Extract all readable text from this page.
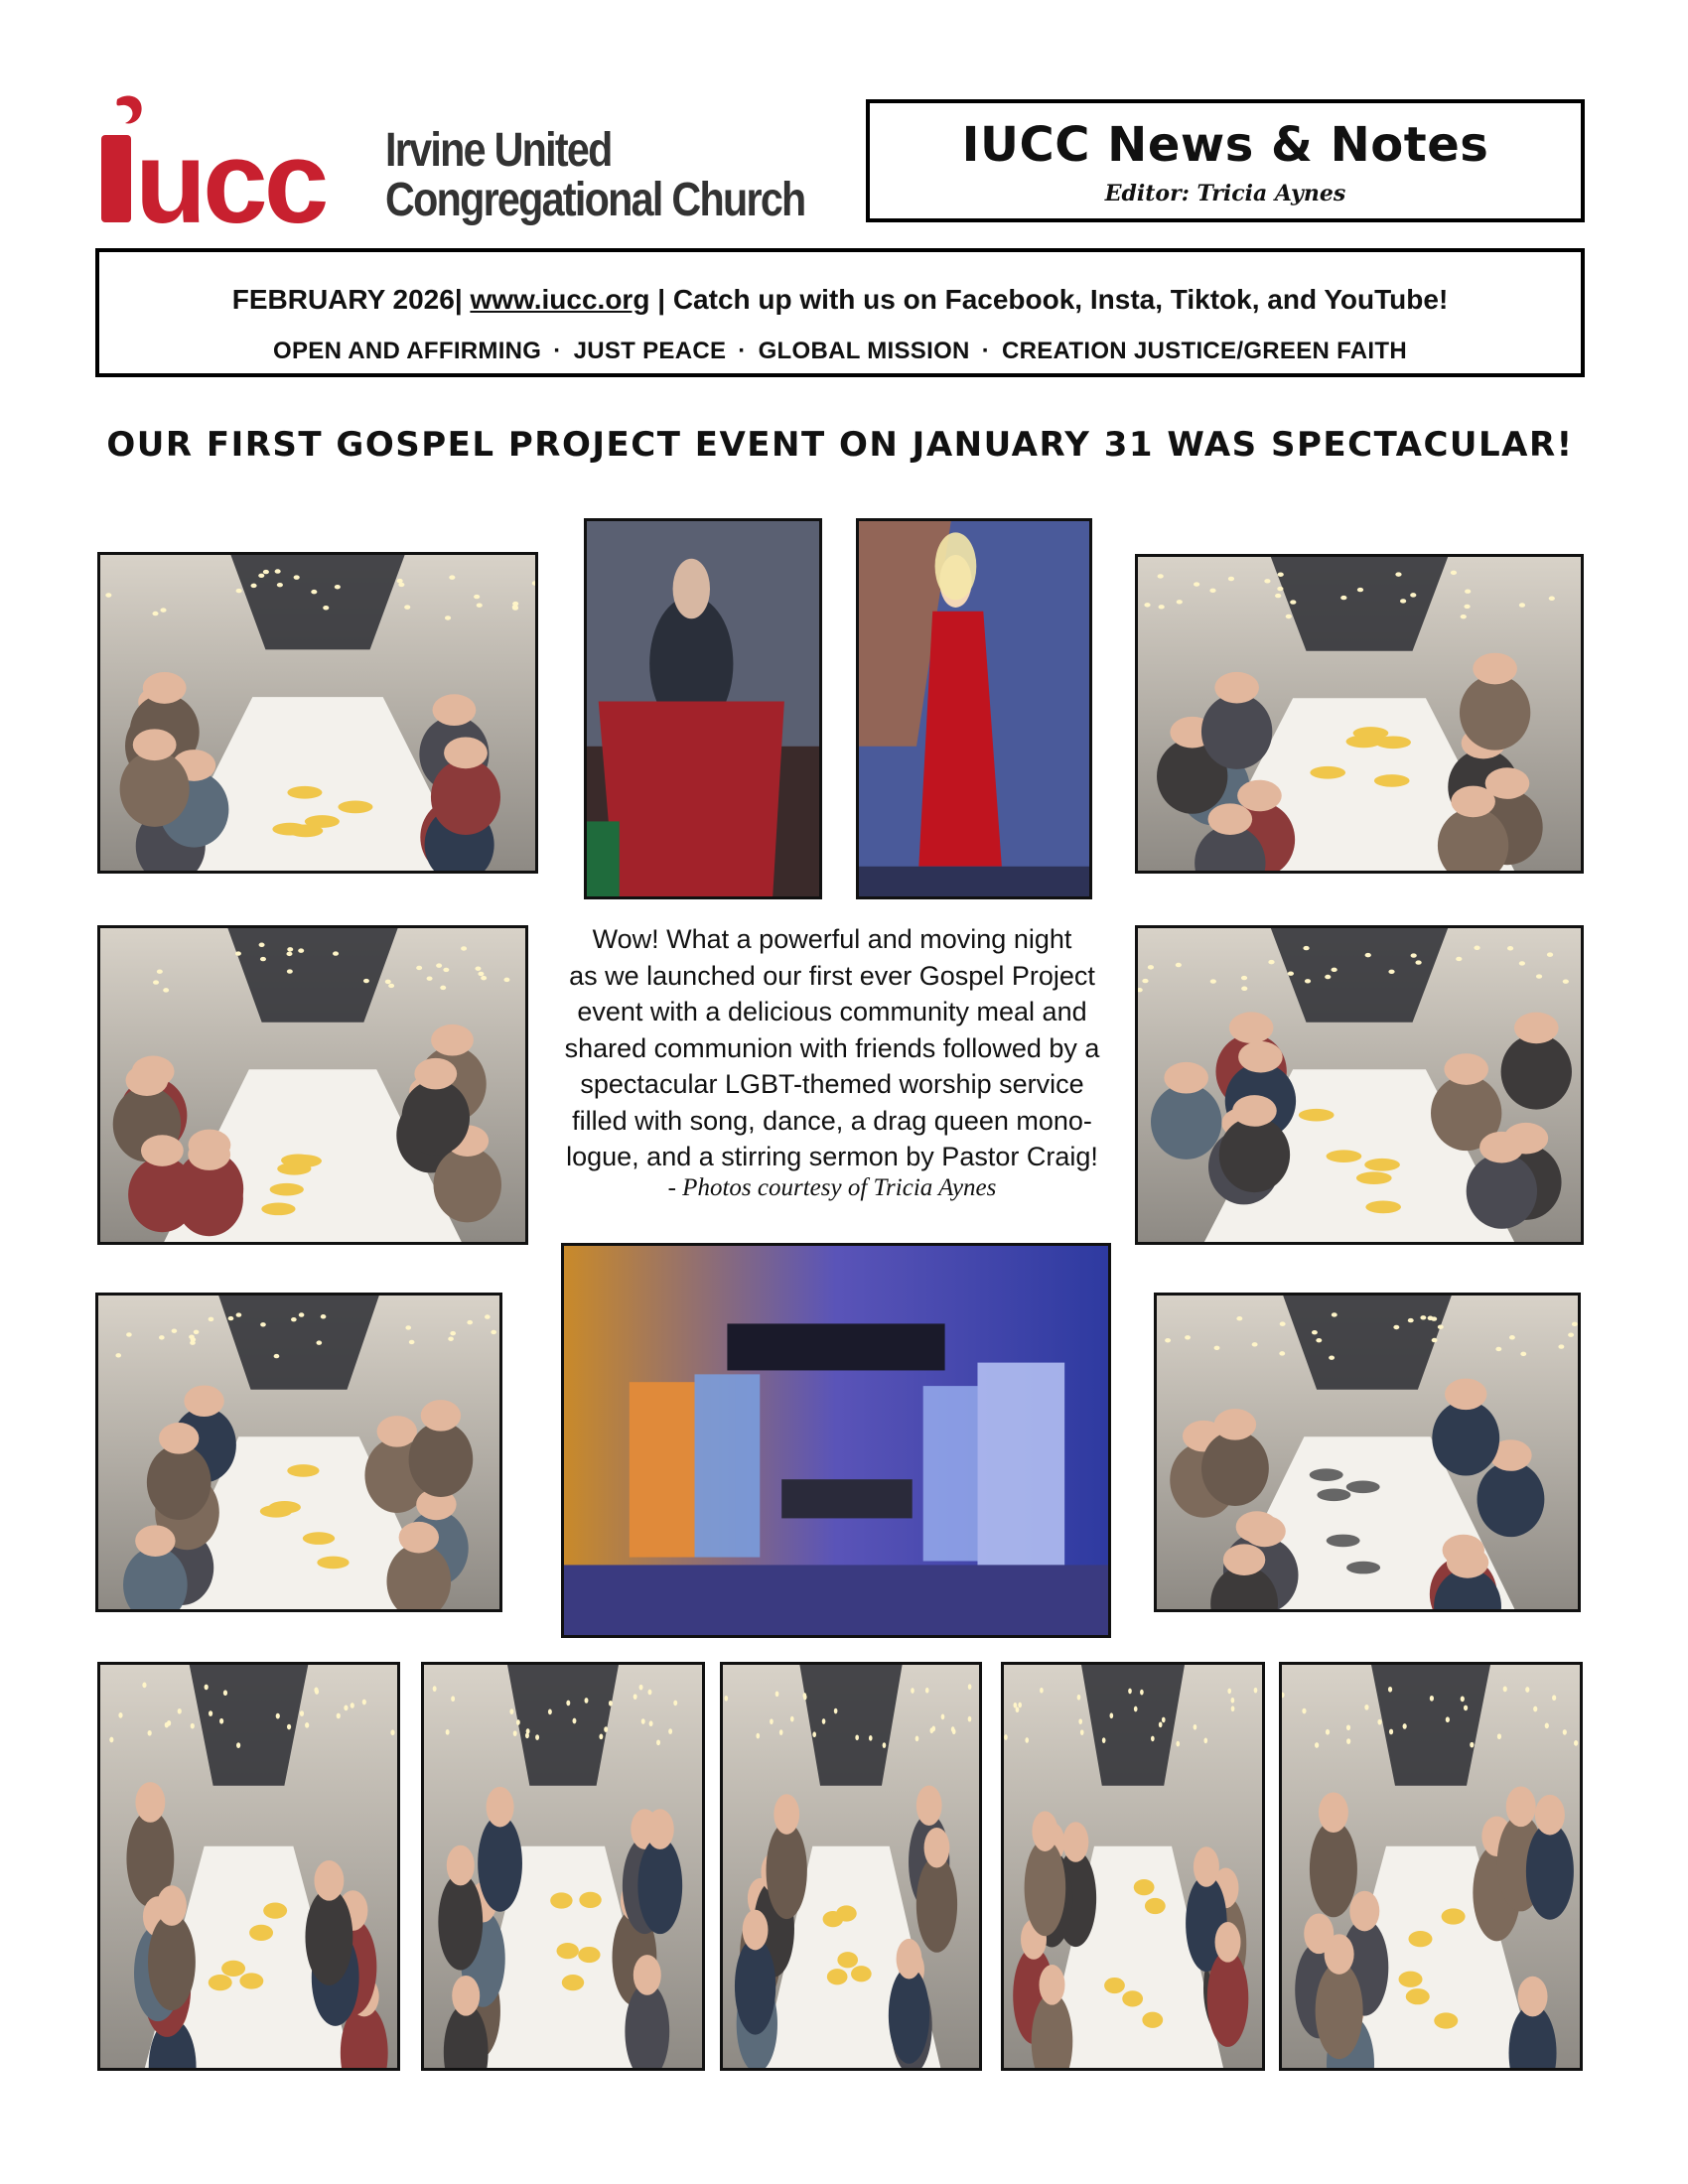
ucc Irvine United
Congregational Church
IUCC News & Notes
Editor: Tricia Aynes
FEBRUARY 2026| www.iucc.org | Catch up with us on Facebook, Insta, Tiktok, and YouTube!
OPEN AND AFFIRMING · JUST PEACE · GLOBAL MISSION · CREATION JUSTICE/GREEN FAITH
OUR FIRST GOSPEL PROJECT EVENT ON JANUARY 31 WAS SPECTACULAR!
Wow! What a powerful and moving night
as we launched our first ever Gospel Project
event with a delicious community meal and
shared communion with friends followed by a
spectacular LGBT-themed worship service
filled with song, dance, a drag queen mono-
logue, and a stirring sermon by Pastor Craig!
- Photos courtesy of Tricia Aynes
